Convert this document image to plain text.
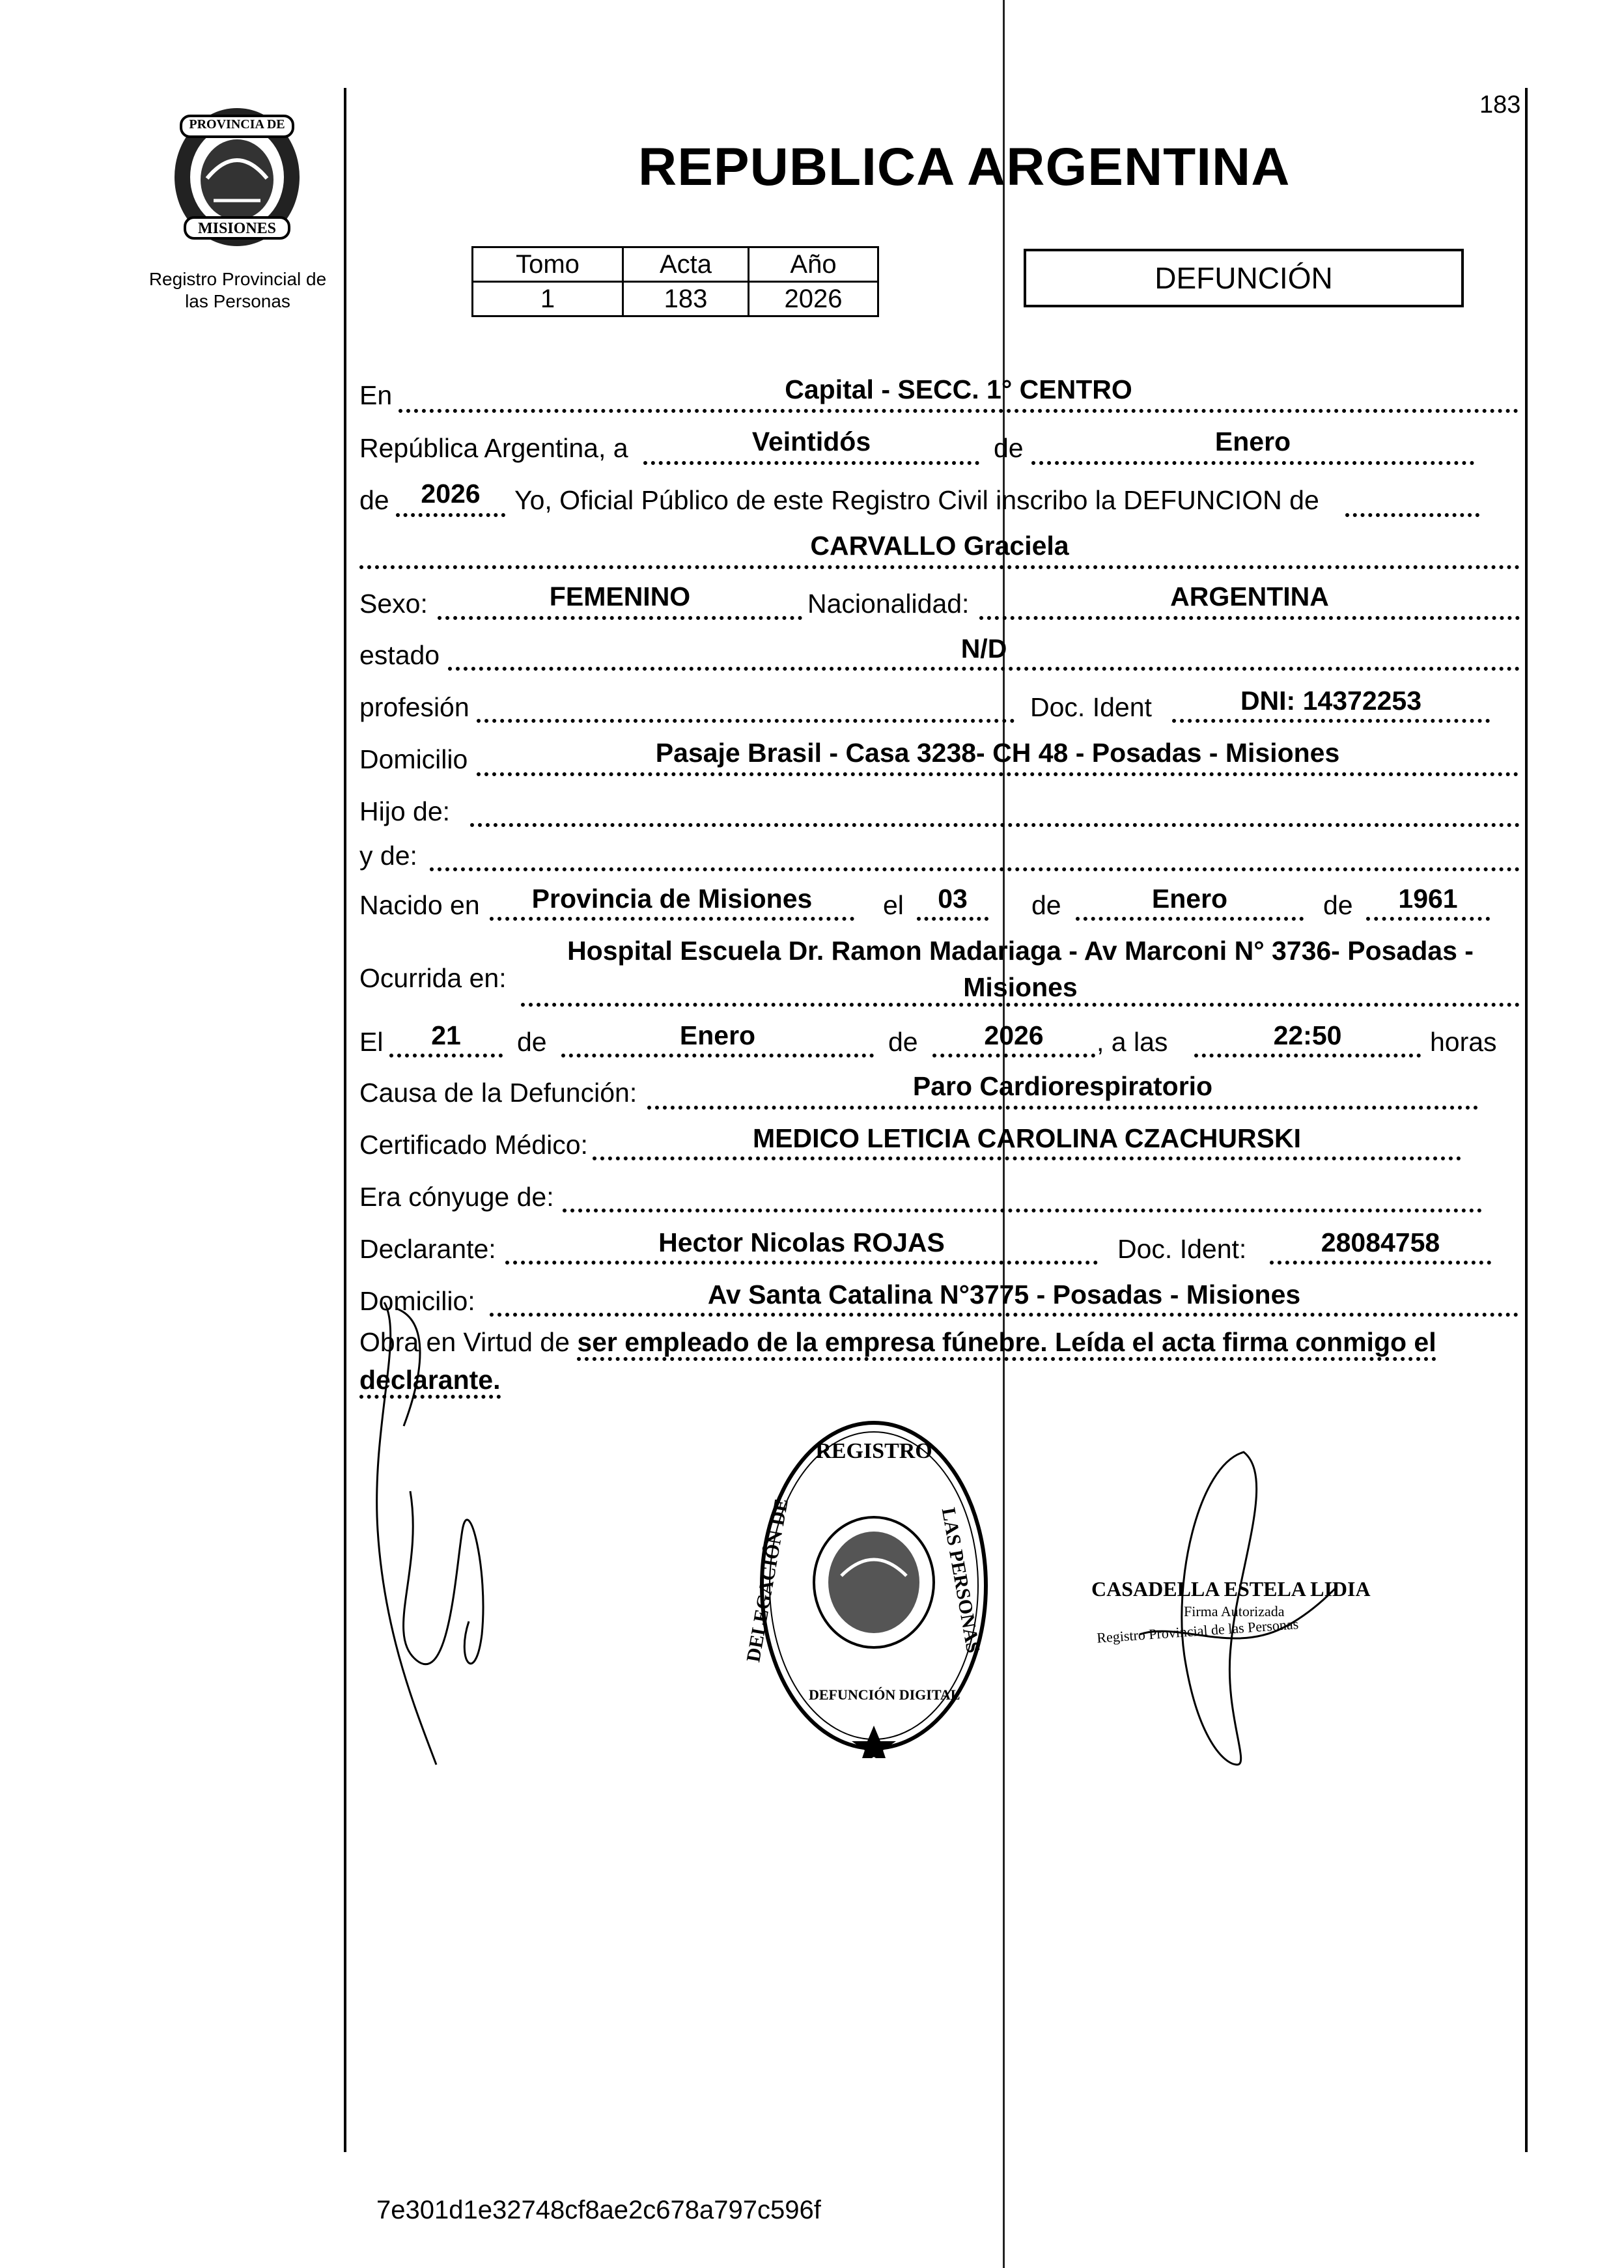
183
PROVINCIA DE
MISIONES
Registro Provincial de
las Personas
REPUBLICA ARGENTINA
Tomo	Acta	Año
1	183	2026
DEFUNCIÓN
En	Capital - SECC. 1° CENTRO
República Argentina, a	Veintidós	de	Enero
de	2026	Yo, Oficial Público de este Registro Civil inscribo la DEFUNCION de
CARVALLO Graciela
Sexo:	FEMENINO	Nacionalidad:	ARGENTINA
estado	N/D
profesión	Doc. Ident	DNI: 14372253
Domicilio	Pasaje Brasil - Casa 3238- CH 48 - Posadas - Misiones
Hijo de:
y de:
Nacido en	Provincia de Misiones	el	03	de	Enero	de	1961
Ocurrida en:
Hospital Escuela Dr. Ramon Madariaga - Av Marconi N° 3736- Posadas -
Misiones
El	21	de	Enero	de	2026	, a las	22:50	horas
Causa de la Defunción:	Paro Cardiorespiratorio
Certificado Médico:	MEDICO LETICIA CAROLINA CZACHURSKI
Era cónyuge de:
Declarante:	Hector Nicolas ROJAS	Doc. Ident:	28084758
Domicilio:	Av Santa Catalina N°3775 - Posadas - Misiones
Obra en Virtud de ser empleado de la empresa fúnebre. Leída el acta firma conmigo el declarante.
REGISTRO
DELEGACIÓN DE	LAS PERSONAS
DEFUNCIÓN DIGITAL
CASADELLA ESTELA LIDIA
Firma Autorizada
Registro Provincial de las Personas
7e301d1e32748cf8ae2c678a797c596f
